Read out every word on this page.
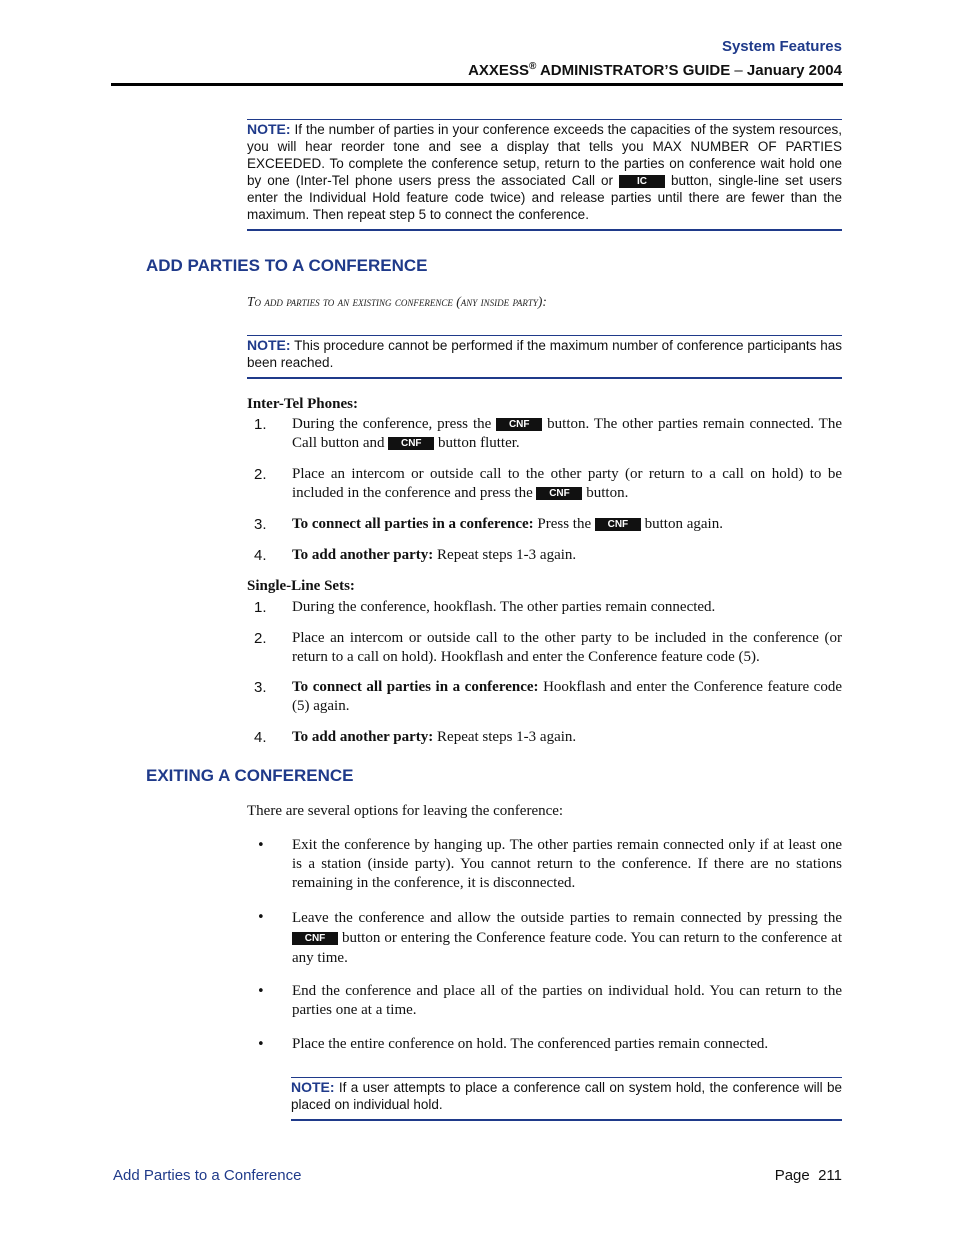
System Features
AXXESS® ADMINISTRATOR’S GUIDE – January 2004
NOTE: If the number of parties in your conference exceeds the capacities of the system resources, you will hear reorder tone and see a display that tells you MAX NUMBER OF PARTIES EXCEEDED. To complete the conference setup, return to the parties on conference wait hold one by one (Inter-Tel phone users press the associated Call or IC button, single-line set users enter the Individual Hold feature code twice) and release parties until there are fewer than the maximum. Then repeat step 5 to connect the conference.
ADD PARTIES TO A CONFERENCE
To add parties to an existing conference (any inside party):
NOTE: This procedure cannot be performed if the maximum number of conference participants has been reached.
Inter-Tel Phones:
1. During the conference, press the CNF button. The other parties remain connected. The Call button and CNF button flutter.
2. Place an intercom or outside call to the other party (or return to a call on hold) to be included in the conference and press the CNF button.
3. To connect all parties in a conference: Press the CNF button again.
4. To add another party: Repeat steps 1-3 again.
Single-Line Sets:
1. During the conference, hookflash. The other parties remain connected.
2. Place an intercom or outside call to the other party to be included in the conference (or return to a call on hold). Hookflash and enter the Conference feature code (5).
3. To connect all parties in a conference: Hookflash and enter the Conference feature code (5) again.
4. To add another party: Repeat steps 1-3 again.
EXITING A CONFERENCE
There are several options for leaving the conference:
• Exit the conference by hanging up. The other parties remain connected only if at least one is a station (inside party). You cannot return to the conference. If there are no stations remaining in the conference, it is disconnected.
• Leave the conference and allow the outside parties to remain connected by pressing the CNF button or entering the Conference feature code. You can return to the conference at any time.
• End the conference and place all of the parties on individual hold. You can return to the parties one at a time.
• Place the entire conference on hold. The conferenced parties remain connected.
NOTE: If a user attempts to place a conference call on system hold, the conference will be placed on individual hold.
Add Parties to a Conference	Page 211
